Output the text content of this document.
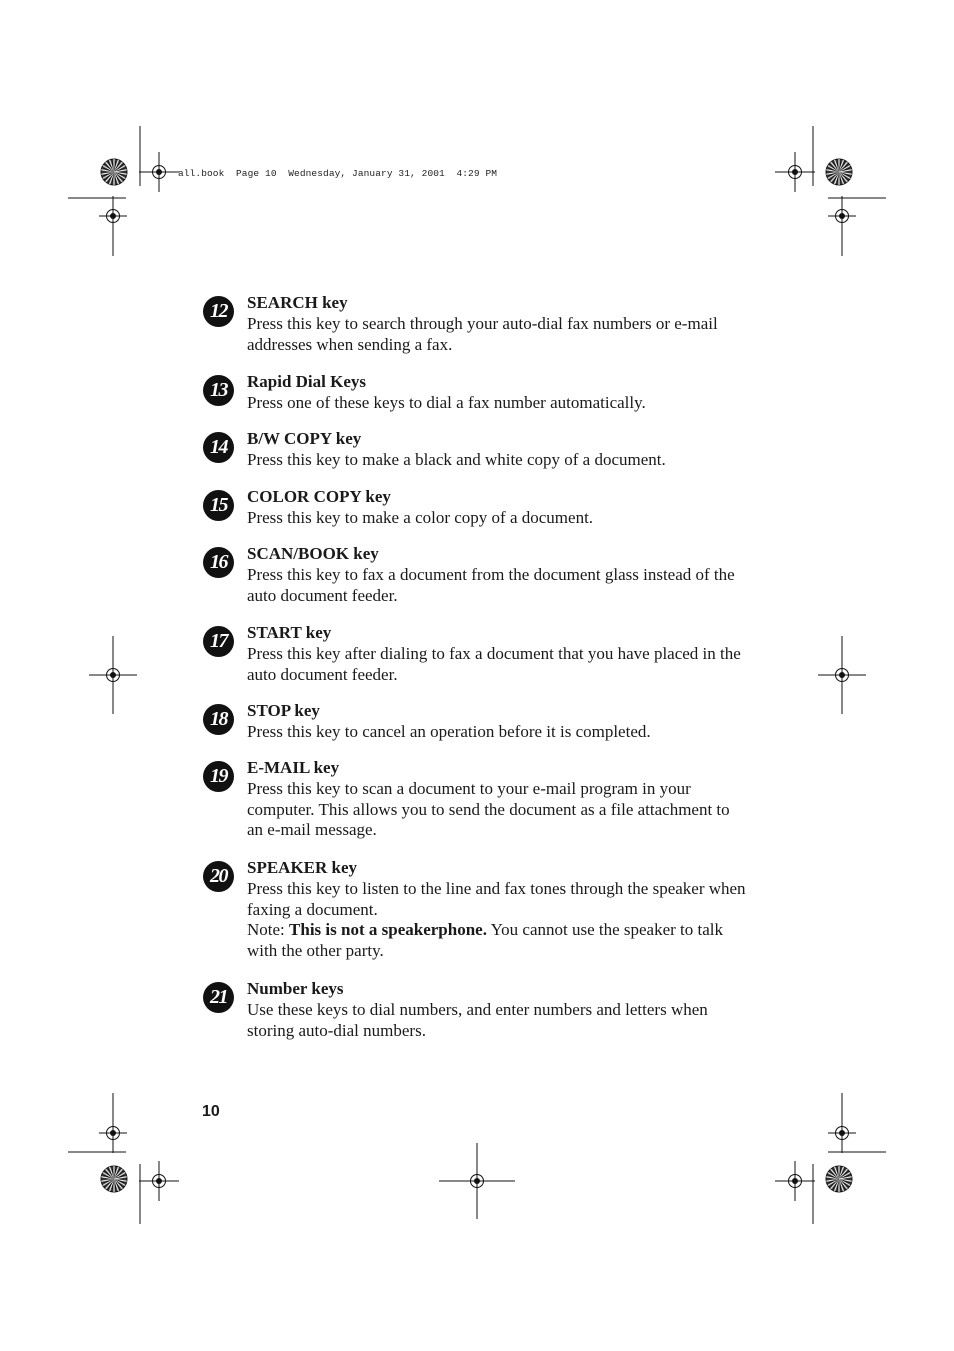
all.book  Page 10  Wednesday, January 31, 2001  4:29 PM
12	SEARCH key
Press this key to search through your auto-dial fax numbers or e-mail addresses when sending a fax.
13	Rapid Dial Keys
Press one of these keys to dial a fax number automatically.
14	B/W COPY key
Press this key to make a black and white copy of a document.
15	COLOR COPY key
Press this key to make a color copy of a document.
16	SCAN/BOOK key
Press this key to fax a document from the document glass instead of the auto document feeder.
17	START key
Press this key after dialing to fax a document that you have placed in the auto document feeder.
18	STOP key
Press this key to cancel an operation before it is completed.
19	E-MAIL key
Press this key to scan a document to your e-mail program in your computer. This allows you to send the document as a file attachment to an e-mail message.
20	SPEAKER key
Press this key to listen to the line and fax tones through the speaker when faxing a document.
Note: This is not a speakerphone. You cannot use the speaker to talk with the other party.
21	Number keys
Use these keys to dial numbers, and enter numbers and letters when storing auto-dial numbers.
10
